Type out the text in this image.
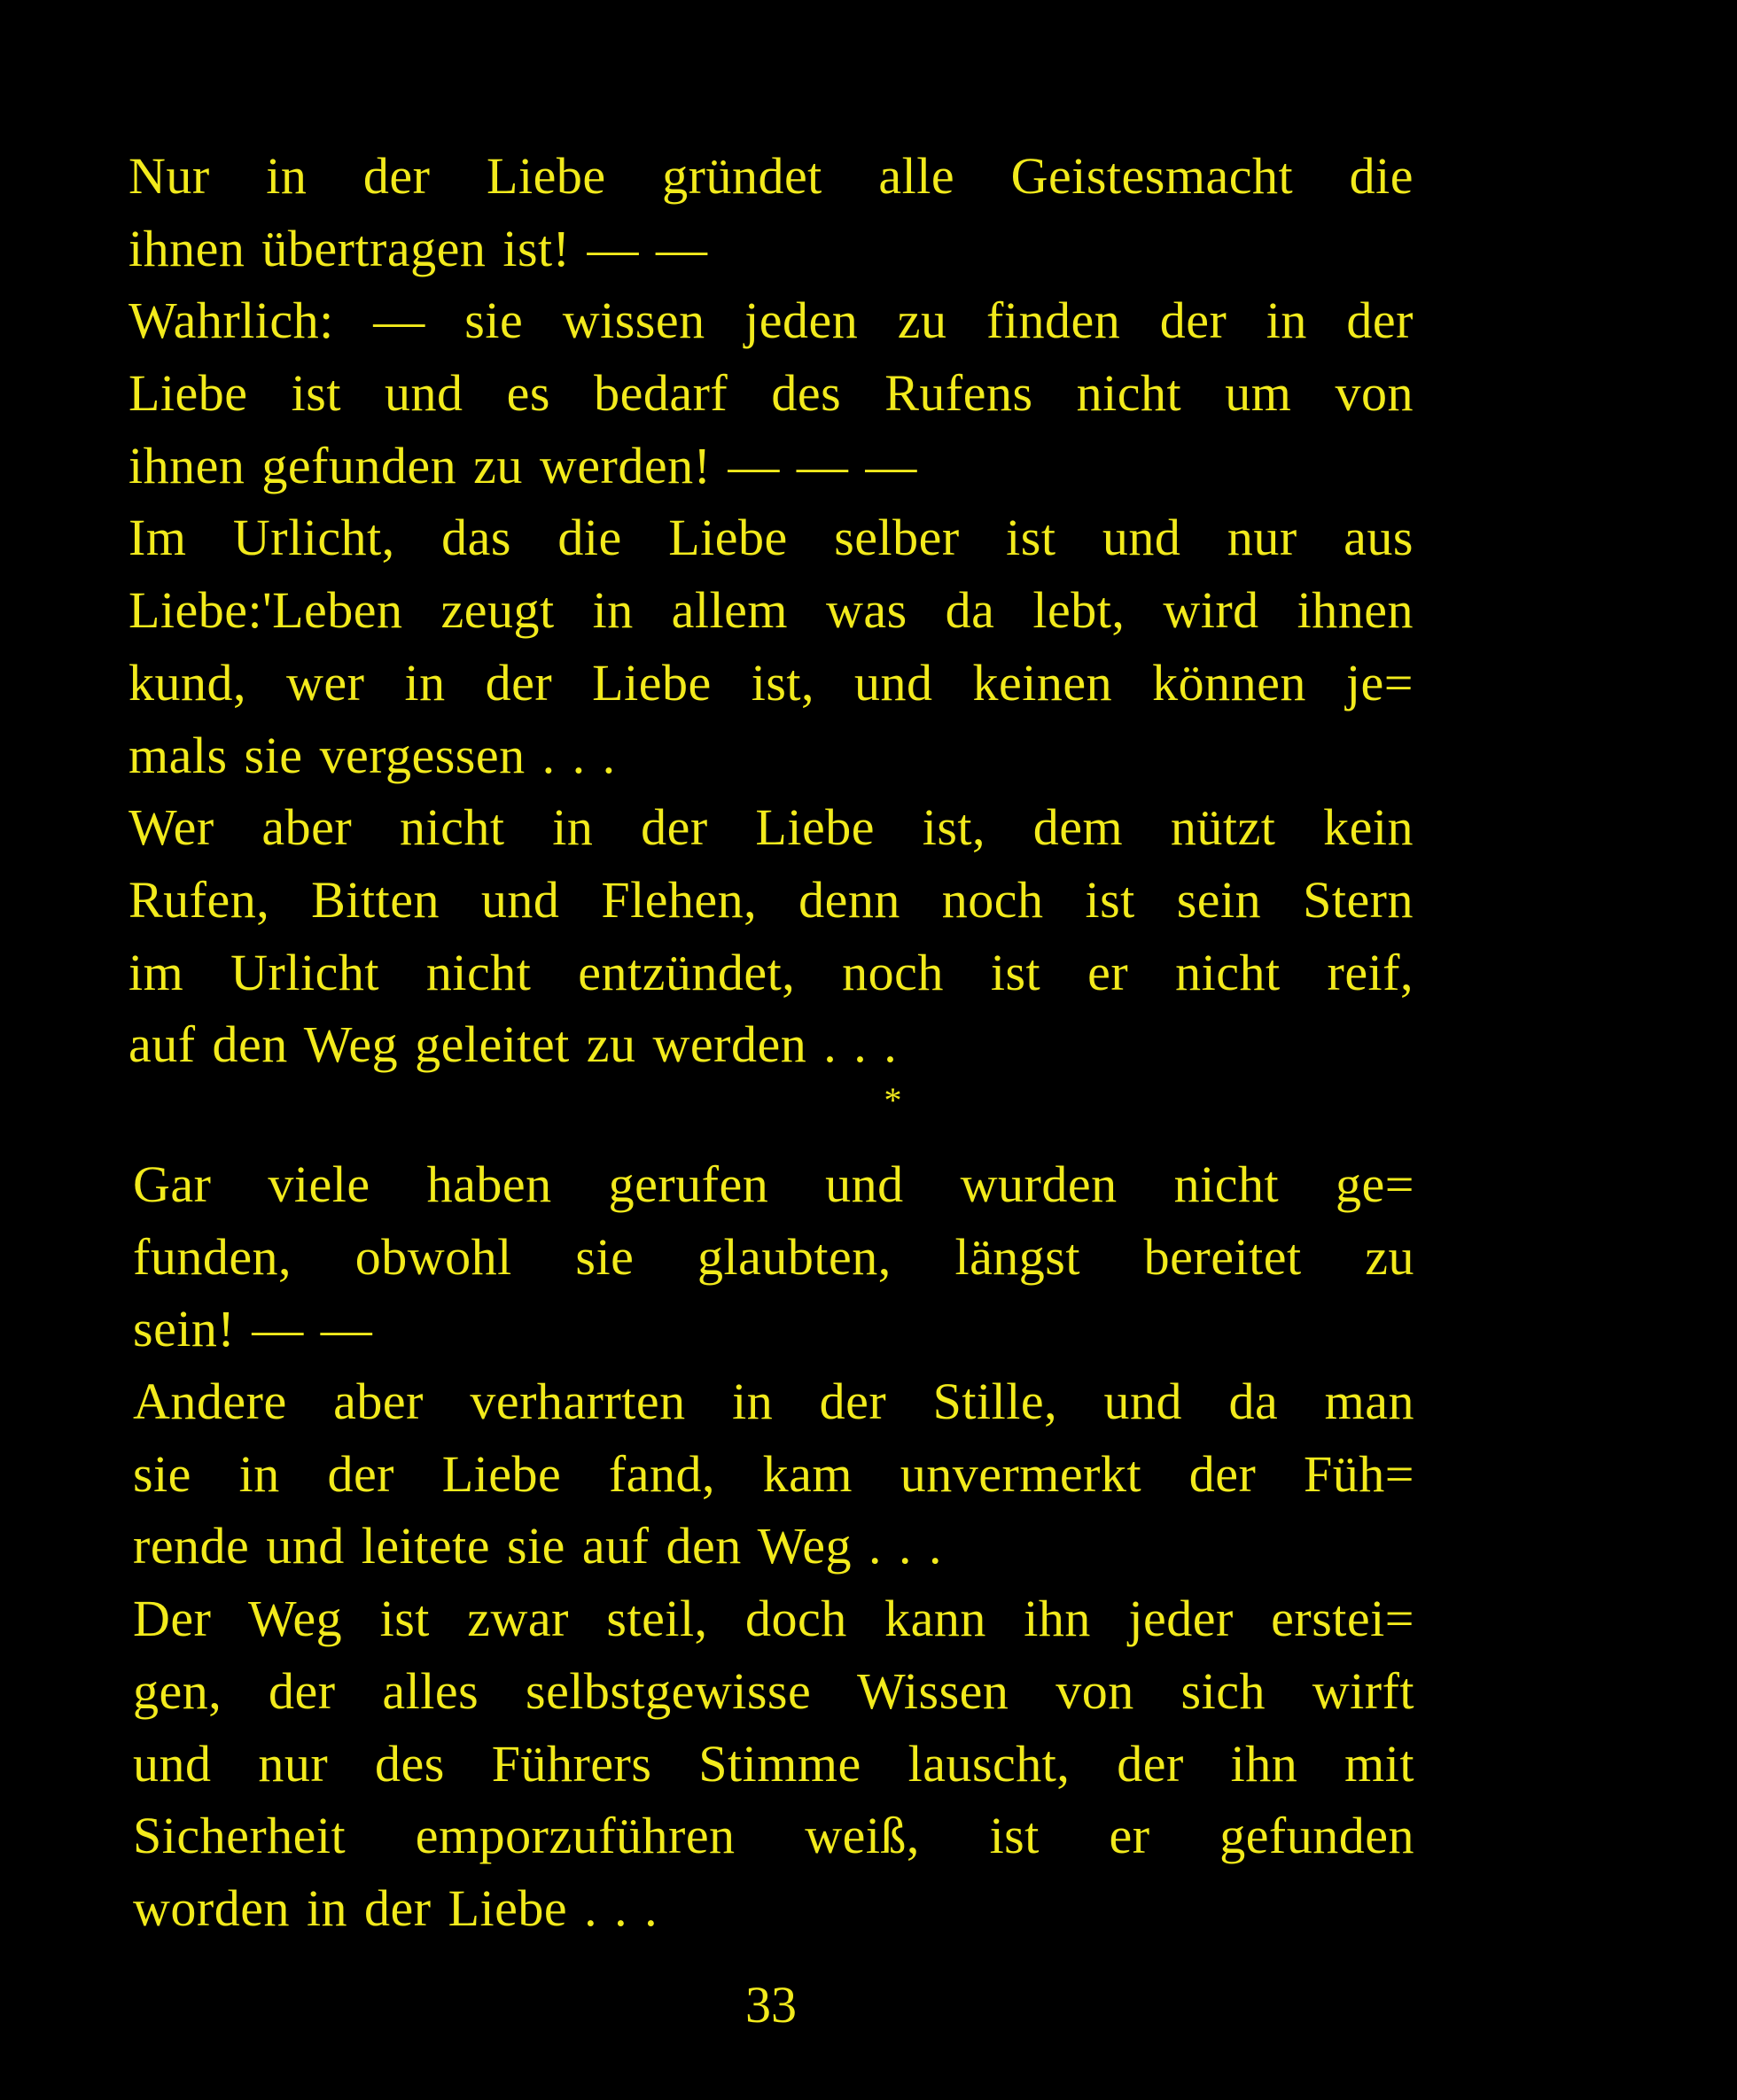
Nur in der Liebe gründet alle Geistesmacht die
ihnen übertragen ist! — —
Wahrlich: — sie wissen jeden zu finden der in der
Liebe ist und es bedarf des Rufens nicht um von
ihnen gefunden zu werden! — — —
Im Urlicht, das die Liebe selber ist und nur aus
Liebe:'Leben zeugt in allem was da lebt, wird ihnen
kund, wer in der Liebe ist, und keinen können je=
mals sie vergessen . . .
Wer aber nicht in der Liebe ist, dem nützt kein
Rufen, Bitten und Flehen, denn noch ist sein Stern
im Urlicht nicht entzündet, noch ist er nicht reif,
auf den Weg geleitet zu werden . . .
*
Gar viele haben gerufen und wurden nicht ge=
funden, obwohl sie glaubten, längst bereitet zu
sein! — —
Andere aber verharrten in der Stille, und da man
sie in der Liebe fand, kam unvermerkt der Füh=
rende und leitete sie auf den Weg . . .
Der Weg ist zwar steil, doch kann ihn jeder erstei=
gen, der alles selbstgewisse Wissen von sich wirft
und nur des Führers Stimme lauscht, der ihn mit
Sicherheit emporzuführen weiß, ist er gefunden
worden in der Liebe . . .
33
